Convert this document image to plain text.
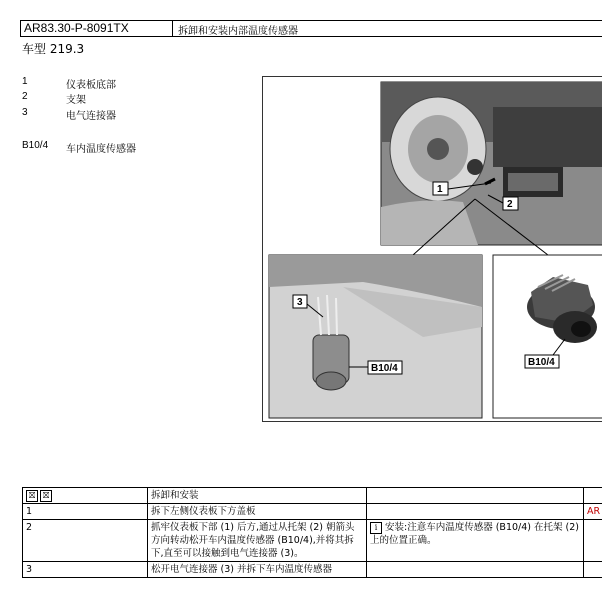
AR83.30-P-8091TX	拆卸和安装内部温度传感器
车型 219.3
1	仪表板底部
2	支架
3	电气连接器
B10/4 车内温度传感器
1
2
3
B10/4
B10/4
⛝ ⛝	拆卸和安装		
1	拆下左侧仪表板下方盖板		AR
2	抓牢仪表板下部 (1) 后方,通过从托架 (2) 朝箭头方向转动松开车内温度传感器 (B10/4),并将其拆下,直至可以接触到电气连接器 (3)。	i 安装:注意车内温度传感器 (B10/4) 在托架 (2) 上的位置正确。	
3	松开电气连接器 (3) 并拆下车内温度传感器		
